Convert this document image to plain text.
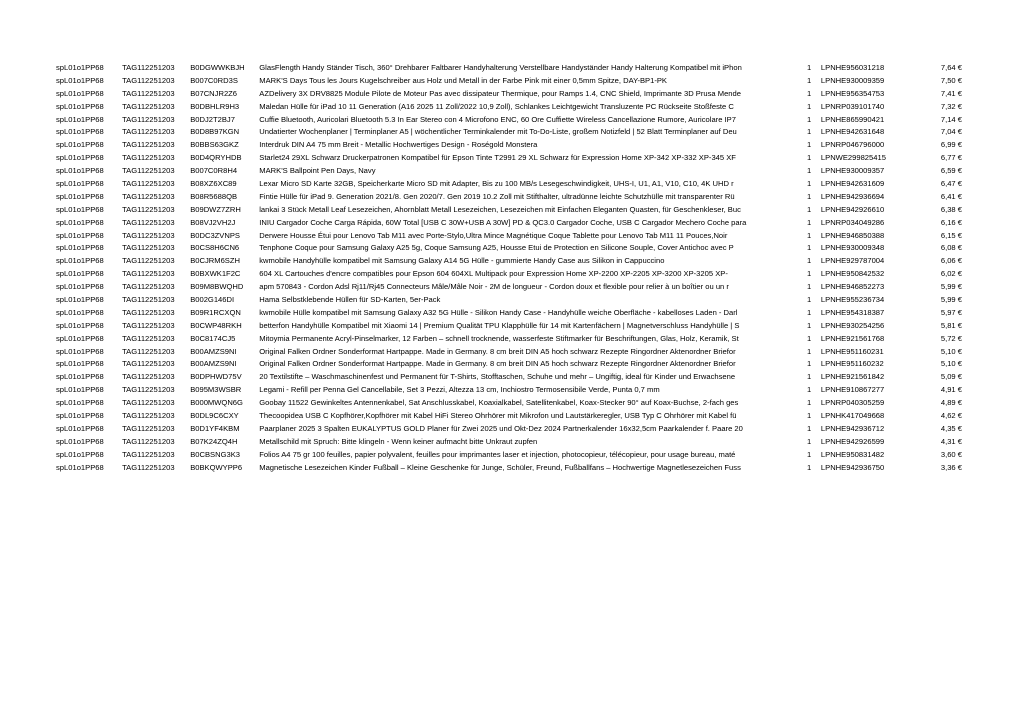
spL01o1PP68	TAG112251203	B0DGWWKBJH	GlasFlength Handy Ständer Tisch, 360° Drehbarer Faltbarer Handyhalterung Verstellbare Handyständer Handy Halterung Kompatibel mit iPhon	1	LPNHE956031218	7,64 €
spL01o1PP68	TAG112251203	B007C0RD3S	MARK'S Days Tous les Jours Kugelschreiber aus Holz und Metall in der Farbe Pink mit einer 0,5mm Spitze, DAY-BP1-PK	1	LPNHE930009359	7,50 €
spL01o1PP68	TAG112251203	B07CNJR2Z6	AZDelivery 3X DRV8825 Module Pilote de Moteur Pas avec dissipateur Thermique, pour Ramps 1.4, CNC Shield, Imprimante 3D Prusa Mende	1	LPNHE956354753	7,41 €
spL01o1PP68	TAG112251203	B0DBHLR9H3	Maledan Hülle für iPad 10 11 Generation (A16 2025 11 Zoll/2022 10,9 Zoll), Schlankes Leichtgewicht Transluzente PC Rückseite Stoßfeste C	1	LPNRP039101740	7,32 €
spL01o1PP68	TAG112251203	B0DJ2T2BJ7	Cuffie Bluetooth, Auricolari Bluetooth 5.3 In Ear Stereo con 4 Microfono ENC, 60 Ore Cuffiette Wireless Cancellazione Rumore, Auricolare IP7	1	LPNHE865990421	7,14 €
spL01o1PP68	TAG112251203	B0D8B97KGN	Undatierter Wochenplaner | Terminplaner A5 | wöchentlicher Terminkalender mit To-Do-Liste, großem Notizfeld | 52 Blatt Terminplaner auf Deu	1	LPNHE942631648	7,04 €
spL01o1PP68	TAG112251203	B0BBS63GKZ	Interdruk DIN A4 75 mm Breit - Metallic Hochwertiges Design - Roségold Monstera	1	LPNRP046796000	6,99 €
spL01o1PP68	TAG112251203	B0D4QRYHDB	Starlet24 29XL Schwarz Druckerpatronen Kompatibel für Epson Tinte T2991 29 XL Schwarz für Expression Home XP-342 XP-332 XP-345 XF	1	LPNWE299825415	6,77 €
spL01o1PP68	TAG112251203	B007C0R8H4	MARK'S Ballpoint Pen Days, Navy	1	LPNHE930009357	6,59 €
spL01o1PP68	TAG112251203	B08XZ6XC89	Lexar Micro SD Karte 32GB, Speicherkarte Micro SD mit Adapter, Bis zu 100 MB/s Lesegeschwindigkeit, UHS-I, U1, A1, V10, C10, 4K UHD r	1	LPNHE942631609	6,47 €
spL01o1PP68	TAG112251203	B08R5688QB	Fintie Hülle für iPad 9. Generation 2021/8. Gen 2020/7. Gen 2019 10.2 Zoll mit Stifthalter, ultradünne leichte Schutzhülle mit transparenter Rü	1	LPNHE942936694	6,41 €
spL01o1PP68	TAG112251203	B09DWZ7ZRH	lankai 3 Stück Metall Leaf Lesezeichen, Ahornblatt Metall Lesezeichen, Lesezeichen mit Einfachen Eleganten Quasten, für Geschenkleser, Buc	1	LPNHE942926610	6,38 €
spL01o1PP68	TAG112251203	B08VJ2VH2J	INIU Cargador Coche Carga Rápida, 60W Total [USB C 30W+USB A 30W] PD & QC3.0 Cargador Coche, USB C Cargador Mechero Coche para	1	LPNRP034049286	6,16 €
spL01o1PP68	TAG112251203	B0DC3ZVNPS	Derwere Housse Étui pour Lenovo Tab M11 avec Porte-Stylo,Ultra Mince Magnétique Coque Tablette pour Lenovo Tab M11 11 Pouces,Noir	1	LPNHE946850388	6,15 €
spL01o1PP68	TAG112251203	B0CS8H6CN6	Tenphone Coque pour Samsung Galaxy A25 5g, Coque Samsung A25, Housse Etui de Protection en Silicone Souple, Cover Antichoc avec P	1	LPNHE930009348	6,08 €
spL01o1PP68	TAG112251203	B0CJRM6SZH	kwmobile Handyhülle kompatibel mit Samsung Galaxy A14 5G Hülle - gummierte Handy Case aus Silikon in Cappuccino	1	LPNHE929787004	6,06 €
spL01o1PP68	TAG112251203	B0BXWK1F2C	604 XL Cartouches d'encre compatibles pour Epson 604 604XL Multipack pour Expression Home XP-2200 XP-2205 XP-3200 XP-3205 XP-	1	LPNHE950842532	6,02 €
spL01o1PP68	TAG112251203	B09M8BWQHD	apm 570843 - Cordon Adsl Rj11/Rj45 Connecteurs Mâle/Mâle Noir - 2M de longueur - Cordon doux et flexible pour relier à un boîtier ou un r	1	LPNHE946852273	5,99 €
spL01o1PP68	TAG112251203	B002G146DI	Hama Selbstklebende Hüllen für SD-Karten, 5er-Pack	1	LPNHE955236734	5,99 €
spL01o1PP68	TAG112251203	B09R1RCXQN	kwmobile Hülle kompatibel mit Samsung Galaxy A32 5G Hülle - Silikon Handy Case - Handyhülle weiche Oberfläche - kabelloses Laden - Darl	1	LPNHE954318387	5,97 €
spL01o1PP68	TAG112251203	B0CWP48RKH	betterfon Handyhülle Kompatibel mit Xiaomi 14 | Premium Qualität TPU Klapphülle für 14 mit Kartenfächern | Magnetverschluss Handyhülle | S	1	LPNHE930254256	5,81 €
spL01o1PP68	TAG112251203	B0C8174CJ5	Mitoymia Permanente Acryl-Pinselmarker, 12 Farben – schnell trocknende, wasserfeste Stiftmarker für Beschriftungen, Glas, Holz, Keramik, St	1	LPNHE921561768	5,72 €
spL01o1PP68	TAG112251203	B00AMZS9NI	Original Falken Ordner Sonderformat Hartpappe. Made in Germany. 8 cm breit DIN A5 hoch schwarz Rezepte Ringordner Aktenordner Briefor	1	LPNHE951160231	5,10 €
spL01o1PP68	TAG112251203	B00AMZS9NI	Original Falken Ordner Sonderformat Hartpappe. Made in Germany. 8 cm breit DIN A5 hoch schwarz Rezepte Ringordner Aktenordner Briefor	1	LPNHE951160232	5,10 €
spL01o1PP68	TAG112251203	B0DPHWD75V	20 Textilstifte – Waschmaschinenfest und Permanent für T-Shirts, Stofftaschen, Schuhe und mehr – Ungiftig, ideal für Kinder und Erwachsene	1	LPNHE921561842	5,09 €
spL01o1PP68	TAG112251203	B095M3WSBR	Legami - Refill per Penna Gel Cancellabile, Set 3 Pezzi, Altezza 13 cm, Inchiostro Termosensibile Verde, Punta 0,7 mm	1	LPNHE910867277	4,91 €
spL01o1PP68	TAG112251203	B000MWQN6G	Goobay 11522 Gewinkeltes Antennenkabel, Sat Anschlusskabel, Koaxialkabel, Satellitenkabel, Koax-Stecker 90° auf Koax-Buchse, 2-fach ges	1	LPNRP040305259	4,89 €
spL01o1PP68	TAG112251203	B0DL9C6CXY	Thecoopidea USB C Kopfhörer,Kopfhörer mit Kabel HiFi Stereo Ohrhörer mit Mikrofon und Lautstärkeregler, USB Typ C Ohrhörer mit Kabel fü	1	LPNHK417049668	4,62 €
spL01o1PP68	TAG112251203	B0D1YF4KBM	Paarplaner 2025 3 Spalten EUKALYPTUS GOLD Planer für Zwei 2025 und Okt-Dez 2024 Partnerkalender 16x32,5cm Paarkalender f. Paare 20	1	LPNHE942936712	4,35 €
spL01o1PP68	TAG112251203	B07K24ZQ4H	Metallschild mit Spruch: Bitte klingeln - Wenn keiner aufmacht bitte Unkraut zupfen	1	LPNHE942926599	4,31 €
spL01o1PP68	TAG112251203	B0CBSNG3K3	Folios A4 75 gr 100 feuilles, papier polyvalent, feuilles pour imprimantes laser et injection, photocopieur, télécopieur, pour usage bureau, maté	1	LPNHE950831482	3,60 €
spL01o1PP68	TAG112251203	B0BKQWYPP6	Magnetische Lesezeichen Kinder Fußball – Kleine Geschenke für Junge, Schüler, Freund, Fußballfans – Hochwertige Magnetlesezeichen Fuss	1	LPNHE942936750	3,36 €
